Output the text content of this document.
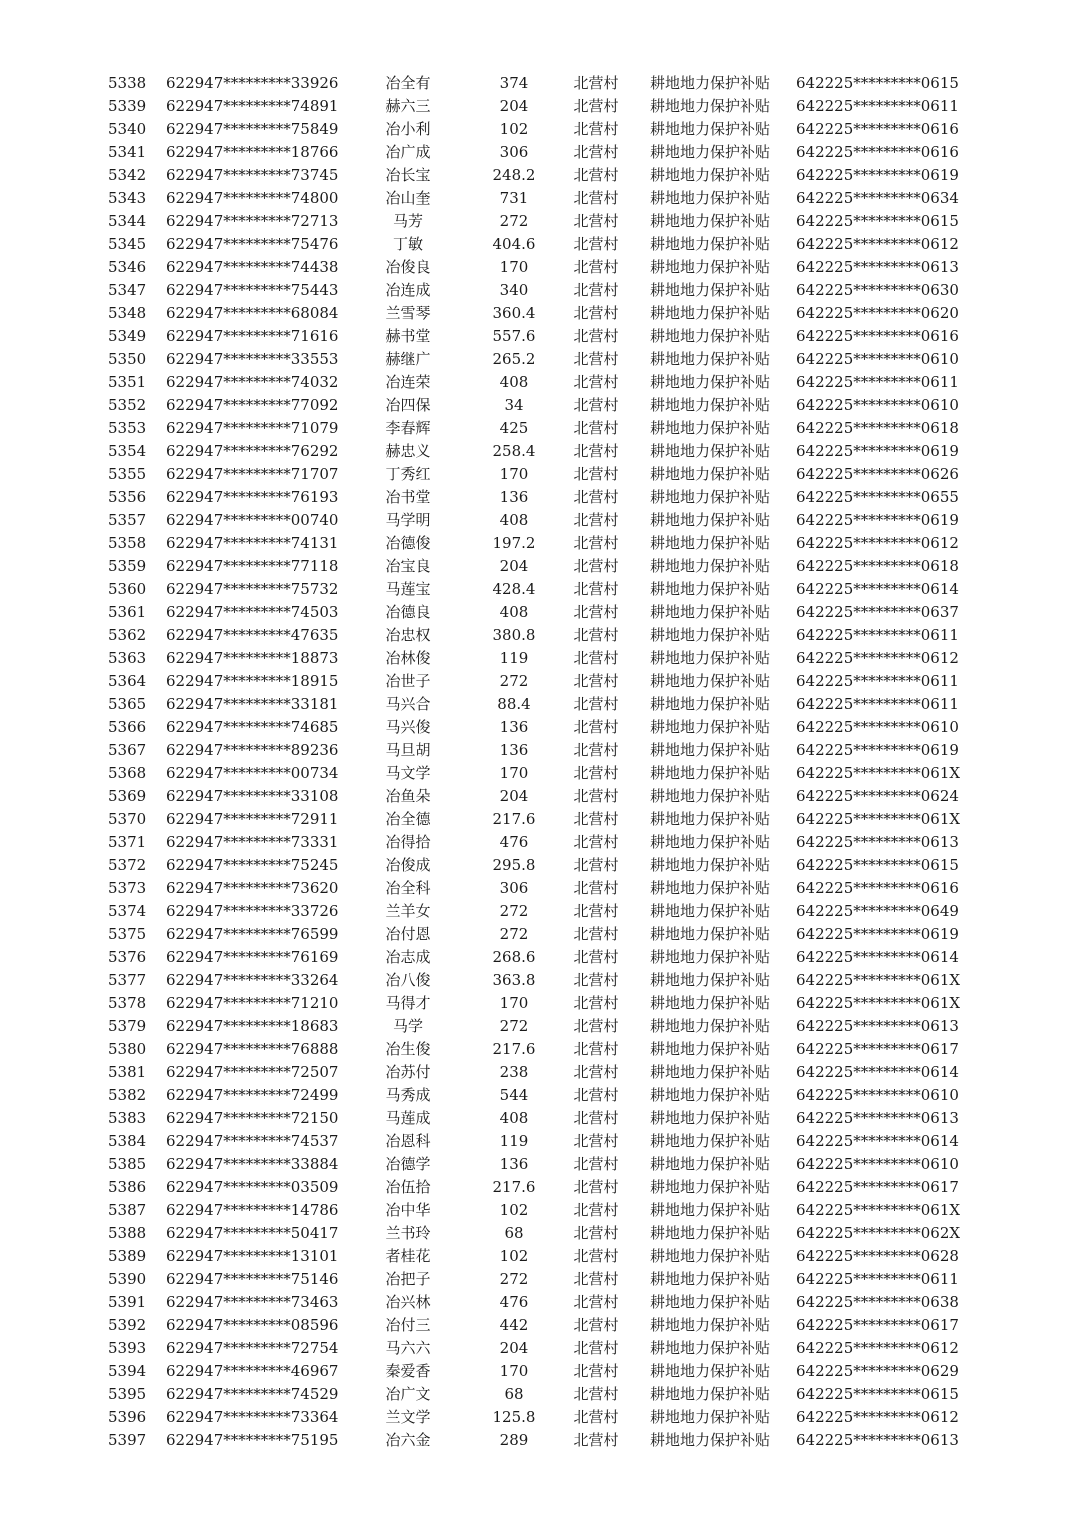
5338	622947*********33926	冶全有	374	北营村	耕地地力保护补贴	642225*********0615
5339	622947*********74891	赫六三	204	北营村	耕地地力保护补贴	642225*********0611
5340	622947*********75849	冶小利	102	北营村	耕地地力保护补贴	642225*********0616
5341	622947*********18766	冶广成	306	北营村	耕地地力保护补贴	642225*********0616
5342	622947*********73745	冶长宝	248.2	北营村	耕地地力保护补贴	642225*********0619
5343	622947*********74800	冶山奎	731	北营村	耕地地力保护补贴	642225*********0634
5344	622947*********72713	马芳	272	北营村	耕地地力保护补贴	642225*********0615
5345	622947*********75476	丁敏	404.6	北营村	耕地地力保护补贴	642225*********0612
5346	622947*********74438	冶俊良	170	北营村	耕地地力保护补贴	642225*********0613
5347	622947*********75443	冶连成	340	北营村	耕地地力保护补贴	642225*********0630
5348	622947*********68084	兰雪琴	360.4	北营村	耕地地力保护补贴	642225*********0620
5349	622947*********71616	赫书堂	557.6	北营村	耕地地力保护补贴	642225*********0616
5350	622947*********33553	赫继广	265.2	北营村	耕地地力保护补贴	642225*********0610
5351	622947*********74032	冶连荣	408	北营村	耕地地力保护补贴	642225*********0611
5352	622947*********77092	冶四保	34	北营村	耕地地力保护补贴	642225*********0610
5353	622947*********71079	李春辉	425	北营村	耕地地力保护补贴	642225*********0618
5354	622947*********76292	赫忠义	258.4	北营村	耕地地力保护补贴	642225*********0619
5355	622947*********71707	丁秀红	170	北营村	耕地地力保护补贴	642225*********0626
5356	622947*********76193	冶书堂	136	北营村	耕地地力保护补贴	642225*********0655
5357	622947*********00740	马学明	408	北营村	耕地地力保护补贴	642225*********0619
5358	622947*********74131	冶德俊	197.2	北营村	耕地地力保护补贴	642225*********0612
5359	622947*********77118	冶宝良	204	北营村	耕地地力保护补贴	642225*********0618
5360	622947*********75732	马莲宝	428.4	北营村	耕地地力保护补贴	642225*********0614
5361	622947*********74503	冶德良	408	北营村	耕地地力保护补贴	642225*********0637
5362	622947*********47635	冶忠权	380.8	北营村	耕地地力保护补贴	642225*********0611
5363	622947*********18873	冶林俊	119	北营村	耕地地力保护补贴	642225*********0612
5364	622947*********18915	冶世子	272	北营村	耕地地力保护补贴	642225*********0611
5365	622947*********33181	马兴合	88.4	北营村	耕地地力保护补贴	642225*********0611
5366	622947*********74685	马兴俊	136	北营村	耕地地力保护补贴	642225*********0610
5367	622947*********89236	马旦胡	136	北营村	耕地地力保护补贴	642225*********0619
5368	622947*********00734	马文学	170	北营村	耕地地力保护补贴	642225*********061X
5369	622947*********33108	冶鱼朵	204	北营村	耕地地力保护补贴	642225*********0624
5370	622947*********72911	冶全德	217.6	北营村	耕地地力保护补贴	642225*********061X
5371	622947*********73331	冶得拾	476	北营村	耕地地力保护补贴	642225*********0613
5372	622947*********75245	冶俊成	295.8	北营村	耕地地力保护补贴	642225*********0615
5373	622947*********73620	冶全科	306	北营村	耕地地力保护补贴	642225*********0616
5374	622947*********33726	兰羊女	272	北营村	耕地地力保护补贴	642225*********0649
5375	622947*********76599	冶付恩	272	北营村	耕地地力保护补贴	642225*********0619
5376	622947*********76169	冶志成	268.6	北营村	耕地地力保护补贴	642225*********0614
5377	622947*********33264	冶八俊	363.8	北营村	耕地地力保护补贴	642225*********061X
5378	622947*********71210	马得才	170	北营村	耕地地力保护补贴	642225*********061X
5379	622947*********18683	马学	272	北营村	耕地地力保护补贴	642225*********0613
5380	622947*********76888	冶生俊	217.6	北营村	耕地地力保护补贴	642225*********0617
5381	622947*********72507	冶苏付	238	北营村	耕地地力保护补贴	642225*********0614
5382	622947*********72499	马秀成	544	北营村	耕地地力保护补贴	642225*********0610
5383	622947*********72150	马莲成	408	北营村	耕地地力保护补贴	642225*********0613
5384	622947*********74537	冶恩科	119	北营村	耕地地力保护补贴	642225*********0614
5385	622947*********33884	冶德学	136	北营村	耕地地力保护补贴	642225*********0610
5386	622947*********03509	冶伍拾	217.6	北营村	耕地地力保护补贴	642225*********0617
5387	622947*********14786	冶中华	102	北营村	耕地地力保护补贴	642225*********061X
5388	622947*********50417	兰书玲	68	北营村	耕地地力保护补贴	642225*********062X
5389	622947*********13101	者桂花	102	北营村	耕地地力保护补贴	642225*********0628
5390	622947*********75146	冶把子	272	北营村	耕地地力保护补贴	642225*********0611
5391	622947*********73463	冶兴林	476	北营村	耕地地力保护补贴	642225*********0638
5392	622947*********08596	冶付三	442	北营村	耕地地力保护补贴	642225*********0617
5393	622947*********72754	马六六	204	北营村	耕地地力保护补贴	642225*********0612
5394	622947*********46967	秦爱香	170	北营村	耕地地力保护补贴	642225*********0629
5395	622947*********74529	冶广文	68	北营村	耕地地力保护补贴	642225*********0615
5396	622947*********73364	兰文学	125.8	北营村	耕地地力保护补贴	642225*********0612
5397	622947*********75195	冶六金	289	北营村	耕地地力保护补贴	642225*********0613
